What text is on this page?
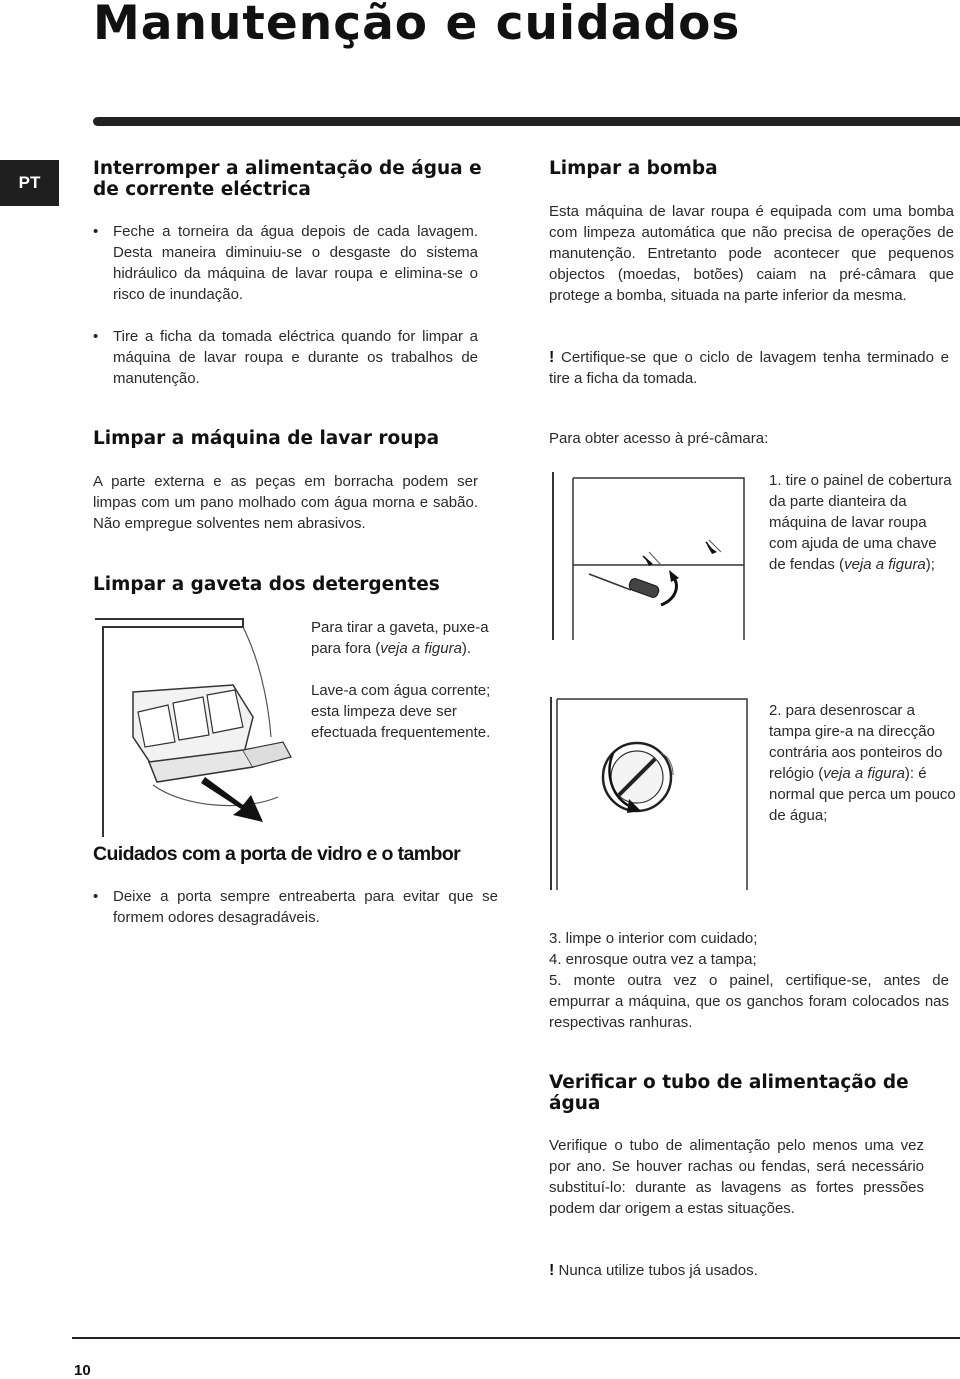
Manutenção e cuidados
PT
Interromper a alimentação de água e de corrente eléctrica
• Feche a torneira da água depois de cada lavagem. Desta maneira diminuiu-se o desgaste do sistema hidráulico da máquina de lavar roupa e elimina-se o risco de inundação.
• Tire a ficha da tomada eléctrica quando for limpar a máquina de lavar roupa e durante os trabalhos de manutenção.
Limpar a máquina de lavar roupa

A parte externa e as peças em borracha podem ser limpas com um pano molhado com água morna e sabão. Não empregue solventes nem abrasivos.

Limpar a gaveta dos detergentes

Para tirar a gaveta, puxe-a para fora (veja a figura).

Lave-a com água corrente; esta limpeza deve ser efectuada frequentemente.

Cuidados com a porta de vidro e o tambor
• Deixe a porta sempre entreaberta para evitar que se formem odores desagradáveis.
Limpar a bomba

Esta máquina de lavar roupa é equipada com uma bomba com limpeza automática que não precisa de operações de manutenção. Entretanto pode acontecer que pequenos objectos (moedas, botões) caiam na pré-câmara que protege a bomba, situada na parte inferior da mesma.

! Certifique-se que o ciclo de lavagem tenha terminado e tire a ficha da tomada.

Para obter acesso à pré-câmara:

1. tire o painel de cobertura da parte dianteira da máquina de lavar roupa com ajuda de uma chave de fendas (veja a figura);

2. para desenroscar a tampa gire-a na direcção contrária aos ponteiros do relógio (veja a figura): é normal que perca um pouco de água;

3. limpe o interior com cuidado;
4. enrosque outra vez a tampa;
5. monte outra vez o painel, certifique-se, antes de empurrar a máquina, que os ganchos foram colocados nas respectivas ranhuras.
Verificar o tubo de alimentação de água

Verifique o tubo de alimentação pelo menos uma vez por ano. Se houver rachas ou fendas, será necessário substituí-lo: durante as lavagens as fortes pressões podem dar origem a estas situações.

! Nunca utilize tubos já usados.

10
